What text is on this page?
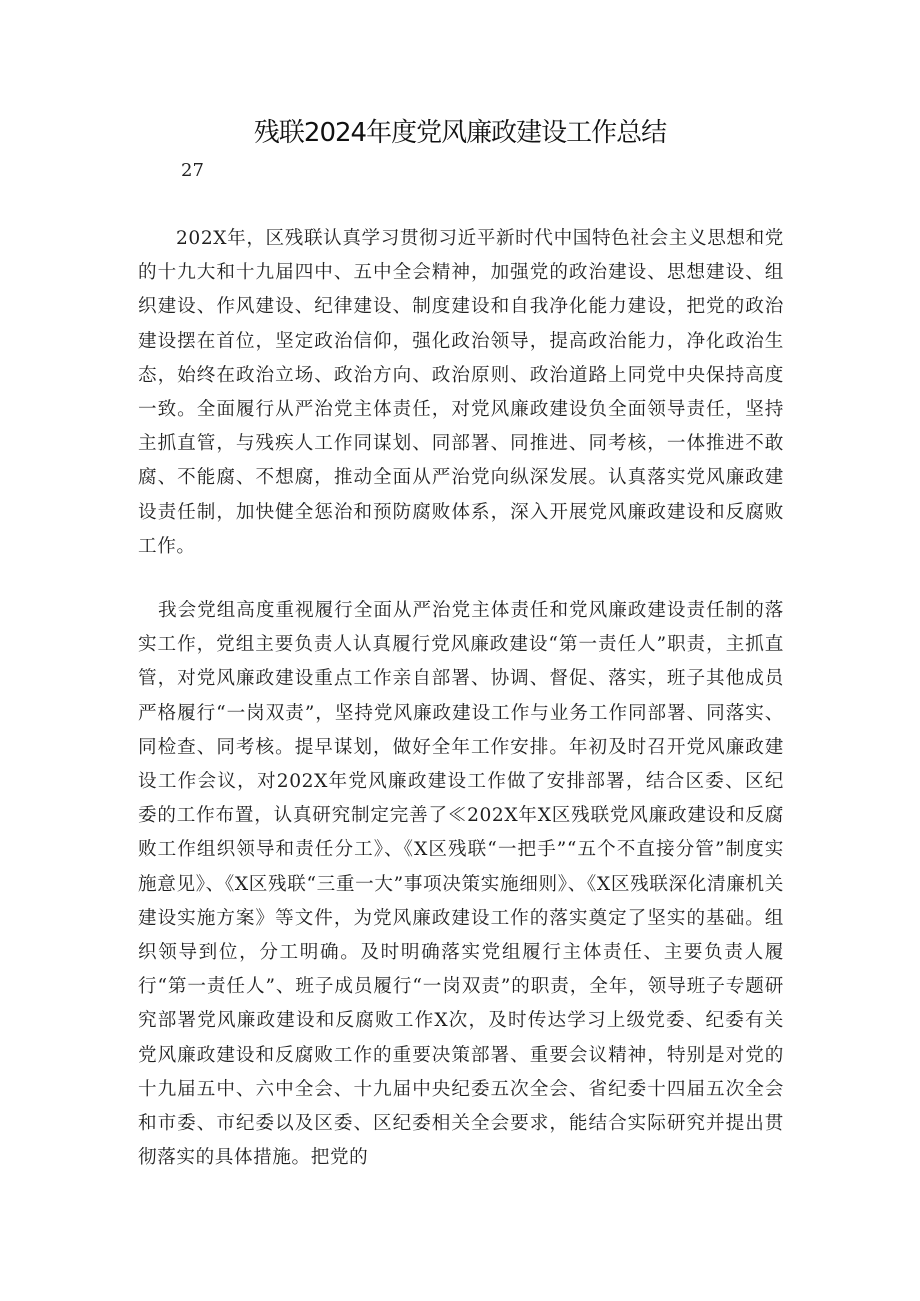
残联2024年度党风廉政建设工作总结
27

202X年，区残联认真学习贯彻习近平新时代中国特色社会主义思想和党的十九大和十九届四中、五中全会精神，加强党的政治建设、思想建设、组织建设、作风建设、纪律建设、制度建设和自我净化能力建设，把党的政治建设摆在首位，坚定政治信仰，强化政治领导，提高政治能力，净化政治生态，始终在政治立场、政治方向、政治原则、政治道路上同党中央保持高度一致。全面履行从严治党主体责任，对党风廉政建设负全面领导责任，坚持主抓直管，与残疾人工作同谋划、同部署、同推进、同考核，一体推进不敢腐、不能腐、不想腐，推动全面从严治党向纵深发展。认真落实党风廉政建设责任制，加快健全惩治和预防腐败体系，深入开展党风廉政建设和反腐败工作。

我会党组高度重视履行全面从严治党主体责任和党风廉政建设责任制的落实工作，党组主要负责人认真履行党风廉政建设“第一责任人”职责，主抓直管，对党风廉政建设重点工作亲自部署、协调、督促、落实，班子其他成员严格履行“一岗双责”，坚持党风廉政建设工作与业务工作同部署、同落实、同检查、同考核。提早谋划，做好全年工作安排。年初及时召开党风廉政建设工作会议，对202X年党风廉政建设工作做了安排部署，结合区委、区纪委的工作布置，认真研究制定完善了≪202X年X区残联党风廉政建设和反腐败工作组织领导和责任分工》、《X区残联“一把手”“五个不直接分管”制度实施意见》、《X区残联“三重一大”事项决策实施细则》、《X区残联深化清廉机关建设实施方案》等文件，为党风廉政建设工作的落实奠定了坚实的基础。组织领导到位，分工明确。及时明确落实党组履行主体责任、主要负责人履行“第一责任人”、班子成员履行“一岗双责”的职责，全年，领导班子专题研究部署党风廉政建设和反腐败工作X次，及时传达学习上级党委、纪委有关党风廉政建设和反腐败工作的重要决策部署、重要会议精神，特别是对党的十九届五中、六中全会、十九届中央纪委五次全会、省纪委十四届五次全会和市委、市纪委以及区委、区纪委相关全会要求，能结合实际研究并提出贯彻落实的具体措施。把党的
